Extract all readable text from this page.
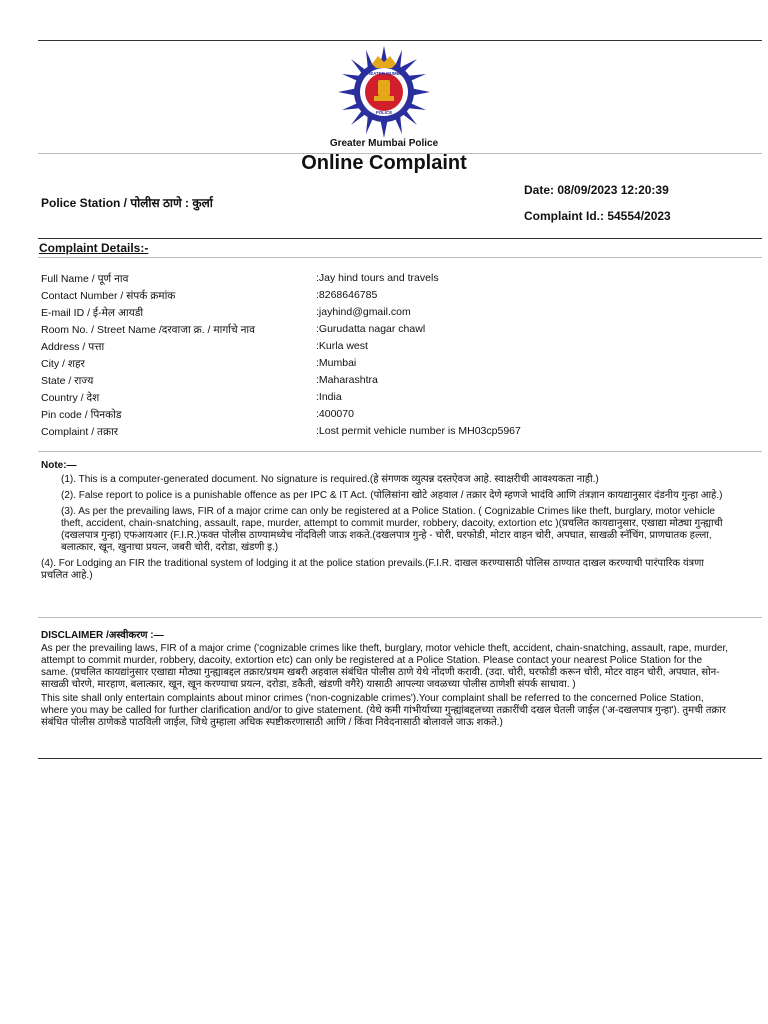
GREATER MUMBAI
POLICE
Greater Mumbai Police
Online Complaint
Police Station / पोलीस ठाणे : कुर्ला
Date: 08/09/2023 12:20:39
Complaint Id.: 54554/2023
Complaint Details:-
Full Name / पूर्ण नाव	:Jay hind tours and travels
Contact Number / संपर्क क्रमांक	:8268646785
E-mail ID / ई-मेल आयडी	:jayhind@gmail.com
Room No. / Street Name /दरवाजा क्र. / मार्गाचे नाव	:Gurudatta nagar chawl
Address / पत्ता	:Kurla west
City / शहर	:Mumbai
State / राज्य	:Maharashtra
Country / देश	:India
Pin code / पिनकोड	:400070
Complaint / तक्रार	:Lost permit vehicle number is MH03cp5967
Note:—

(1). This is a computer-generated document. No signature is required.(हे संगणक व्युत्पन्न दस्तऐवज आहे. स्वाक्षरीची आवश्यकता नाही.)

(2). False report to police is a punishable offence as per IPC & IT Act. (पोलिसांना खोटे अहवाल / तक्रार देणे म्हणजे भादंवि आणि तंत्रज्ञान कायद्यानुसार दंडनीय गुन्हा आहे.)

(3). As per the prevailing laws, FIR of a major crime can only be registered at a Police Station. ( Cognizable Crimes like theft, burglary, motor vehicle theft, accident, chain-snatching, assault, rape, murder, attempt to commit murder, robbery, dacoity, extortion etc )(प्रचलित कायद्यानुसार, एखाद्या मोठ्या गुन्ह्याची (दखलपात्र गुन्हा) एफआयआर (F.I.R.)फक्त पोलीस ठाण्यामध्येच नोंदविली जाऊ शकते.(दखलपात्र गुन्हे - चोरी, घरफोडी, मोटार वाहन चोरी, अपघात, साखळी स्नॅचिंग, प्राणघातक हल्ला, बलात्कार, खून, खुनाचा प्रयत्न, जबरी चोरी, दरोडा, खंडणी इ.)

(4). For Lodging an FIR the traditional system of lodging it at the police station prevails.(F.I.R. दाखल करण्यासाठी पोलिस ठाण्यात दाखल करण्याची पारंपारिक यंत्रणा प्रचलित आहे.)

DISCLAIMER /अस्वीकरण :—

As per the prevailing laws, FIR of a major crime ('cognizable crimes like theft, burglary, motor vehicle theft, accident, chain-snatching, assault, rape, murder, attempt to commit murder, robbery, dacoity, extortion etc) can only be registered at a Police Station. Please contact your nearest Police Station for the same. (प्रचलित कायद्यांनुसार एखाद्या मोठ्या गुन्ह्याबद्दल तक्रार/प्रथम खबरी अहवाल संबंधित पोलीस ठाणे येथे नोंदणी करावी. (उदा. चोरी, घरफोडी करून चोरी, मोटर वाहन चोरी, अपघात, सोन-साखळी चोरणे, मारहाण, बलात्कार, खून, खून करण्याचा प्रयत्न, दरोडा, डकैती, खंडणी वगैरे) यासाठी आपल्या जवळच्या पोलीस ठाणेशी संपर्क साधावा. )

This site shall only entertain complaints about minor crimes ('non-cognizable crimes').Your complaint shall be referred to the concerned Police Station, where you may be called for further clarification and/or to give statement. (येथे कमी गांभीर्याच्या गुन्ह्यांबद्दलच्या तक्रारींची दखल घेतली जाईल ('अ-दखलपात्र गुन्हा'). तुमची तक्रार संबंधित पोलीस ठाणेकडे पाठविली जाईल, जिथे तुम्हाला अधिक स्पष्टीकरणासाठी आणि / किंवा निवेदनासाठी बोलावले जाऊ शकते.)
